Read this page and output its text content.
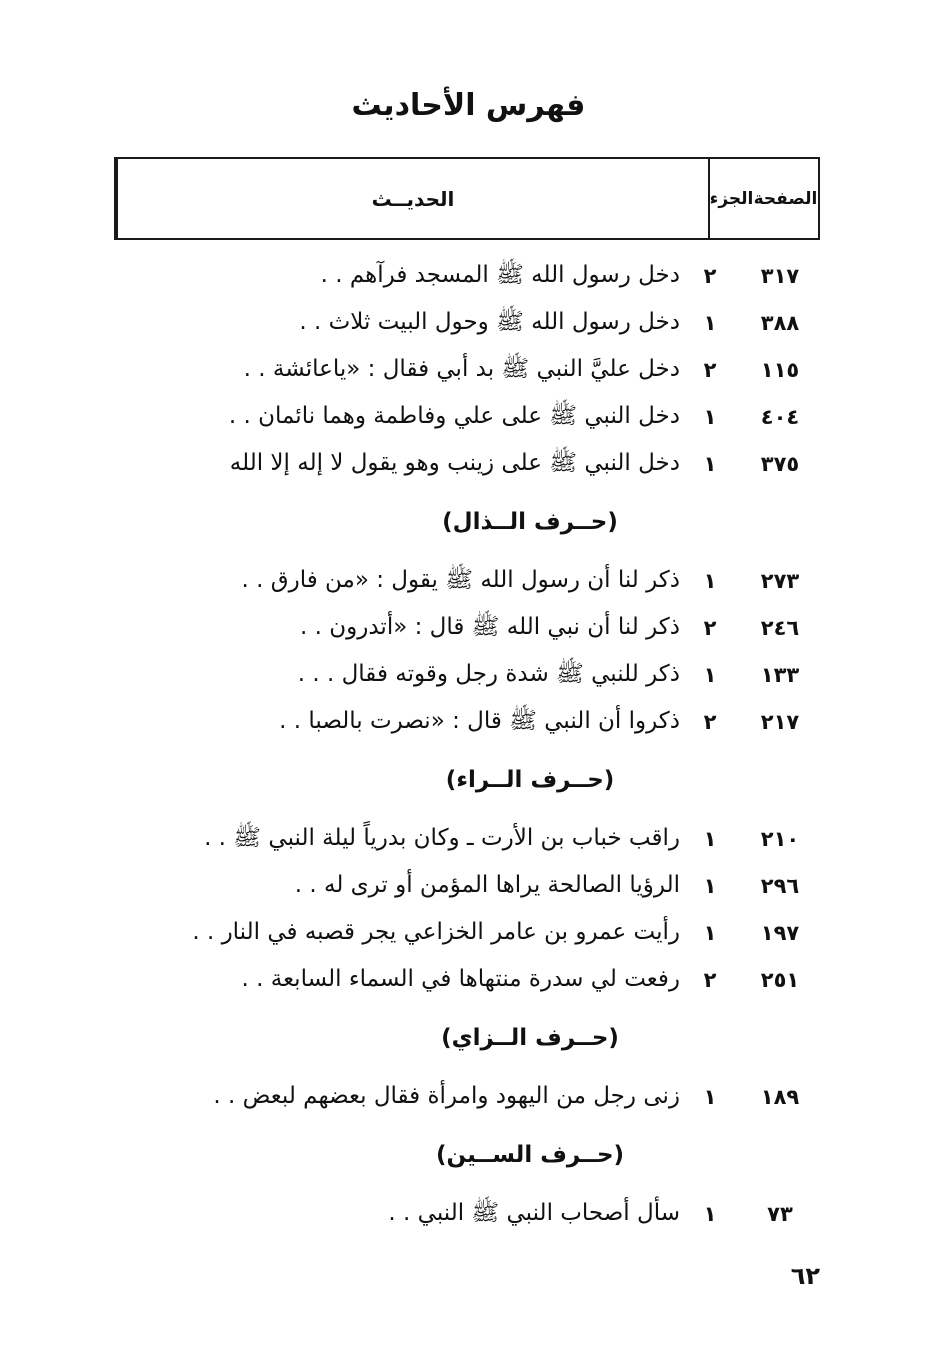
فهرس الأحاديث
الحديــث	الجزء الصفحة
دخل رسول الله ﷺ المسجد فرآهم . .	٢	٣١٧
دخل رسول الله ﷺ وحول البيت ثلاث . .	١	٣٨٨
دخل عليَّ النبي ﷺ بد أبي فقال : «ياعائشة . .	٢	١١٥
دخل النبي ﷺ على علي وفاطمة وهما نائمان . .	١	٤٠٤
دخل النبي ﷺ على زينب وهو يقول لا إله إلا الله	١	٣٧٥
(حــرف الــذال)
ذكر لنا أن رسول الله ﷺ يقول : «من فارق . .	١	٢٧٣
ذكر لنا أن نبي الله ﷺ قال : «أتدرون . .	٢	٢٤٦
ذكر للنبي ﷺ شدة رجل وقوته فقال . . .	١	١٣٣
ذكروا أن النبي ﷺ قال : «نصرت بالصبا . .	٢	٢١٧
(حــرف الــراء)
راقب خباب بن الأرت ـ وكان بدرياً ليلة النبي ﷺ . .	١	٢١٠
الرؤيا الصالحة يراها المؤمن أو ترى له . .	١	٢٩٦
رأيت عمرو بن عامر الخزاعي يجر قصبه في النار . .	١	١٩٧
رفعت لي سدرة منتهاها في السماء السابعة . .	٢	٢٥١
(حــرف الــزاي)
زنى رجل من اليهود وامرأة فقال بعضهم لبعض . .	١	١٨٩
(حــرف الســين)
سأل أصحاب النبي ﷺ النبي . .	١	٧٣
٦٢
